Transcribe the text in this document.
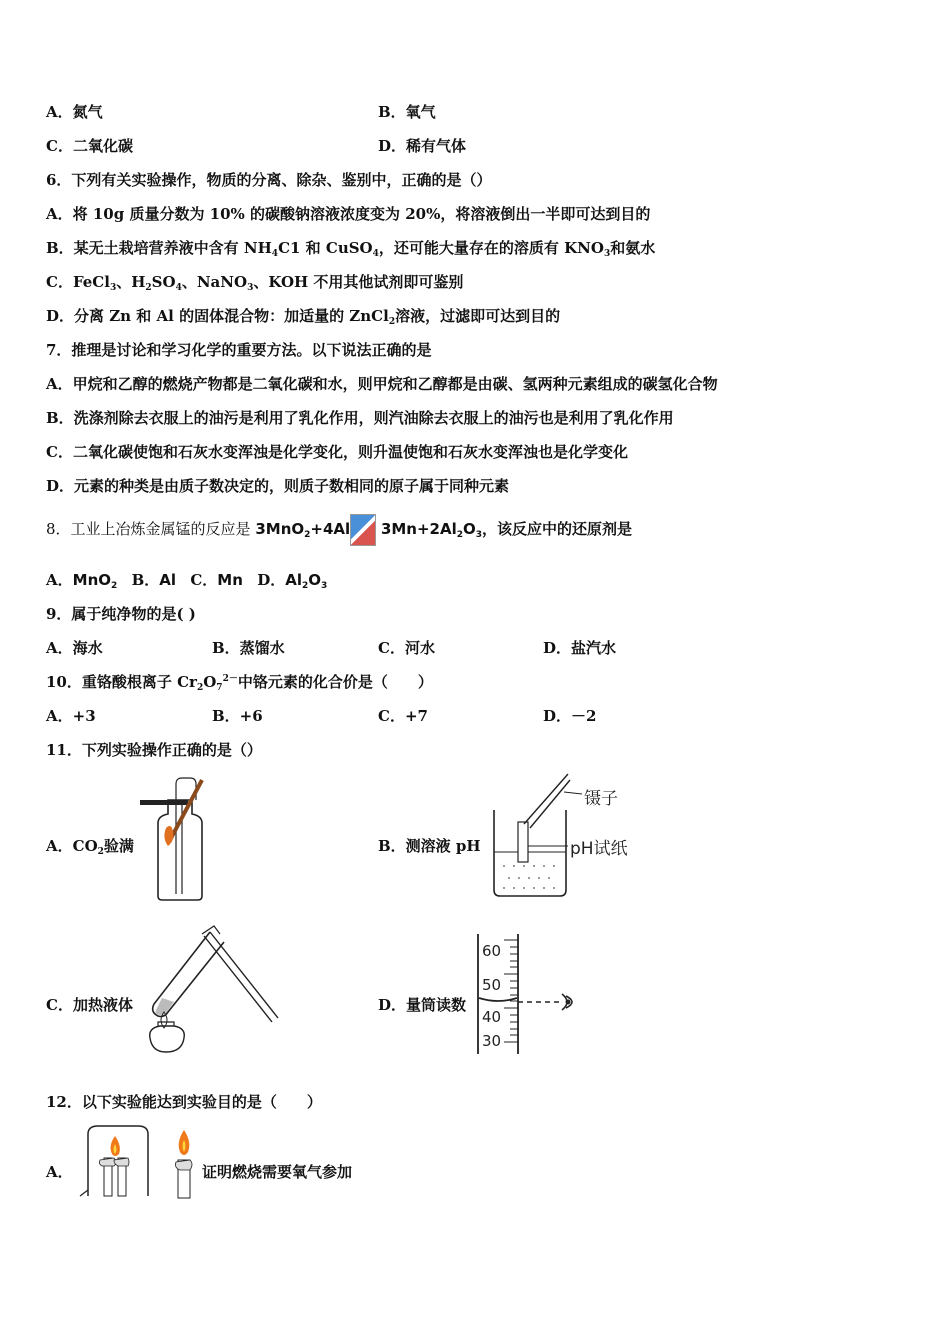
A．氮气	B．氧气
C．二氧化碳	D．稀有气体
6．下列有关实验操作，物质的分离、除杂、鉴别中，正确的是（）
A．将 10g 质量分数为 10% 的碳酸钠溶液浓度变为 20%，将溶液倒出一半即可达到目的
B．某无土栽培营养液中含有 $NH_4C1$ 和 CuSO$_4$，还可能大量存在的溶质有 $KNO_3$和氨水
C．FeCl$_3$、$H_2SO_4$、NaNO$_3$、KOH 不用其他试剂即可鉴别
D．分离 Zn 和 Al 的固体混合物：加适量的 ZnCl$_2$溶液，过滤即可达到目的
7．推理是讨论和学习化学的重要方法。以下说法正确的是
A．甲烷和乙醇的燃烧产物都是二氧化碳和水，则甲烷和乙醇都是由碳、氢两种元素组成的碳氢化合物
B．洗涤剂除去衣服上的油污是利用了乳化作用，则汽油除去衣服上的油污也是利用了乳化作用
C．二氧化碳使饱和石灰水变浑浊是化学变化，则升温使饱和石灰水变浑浊也是化学变化
D．元素的种类是由质子数决定的，则质子数相同的原子属于同种元素
8．工业上冶炼金属锰的反应是 3MnO$_2$+4Al $3Mn+2Al_2O_3$，该反应中的还原剂是
A．MnO$_2$ B．Al C．Mn D．$Al_2O_3$
9．属于纯净物的是( )
A．海水	B．蒸馏水	C．河水	D．盐汽水
10．重铬酸根离子 $Cr_2O_7^{2-}$中铬元素的化合价是（　　）
A．+3	B．+6	C．+7	D．－2
11．下列实验操作正确的是（）
A．$CO_2$验满	B．测溶液 pH
镊子
pH试纸
C．加热液体	D．量筒读数
60
50
40
30
12．以下实验能达到实验目的是（　　）
A．	证明燃烧需要氧气参加
